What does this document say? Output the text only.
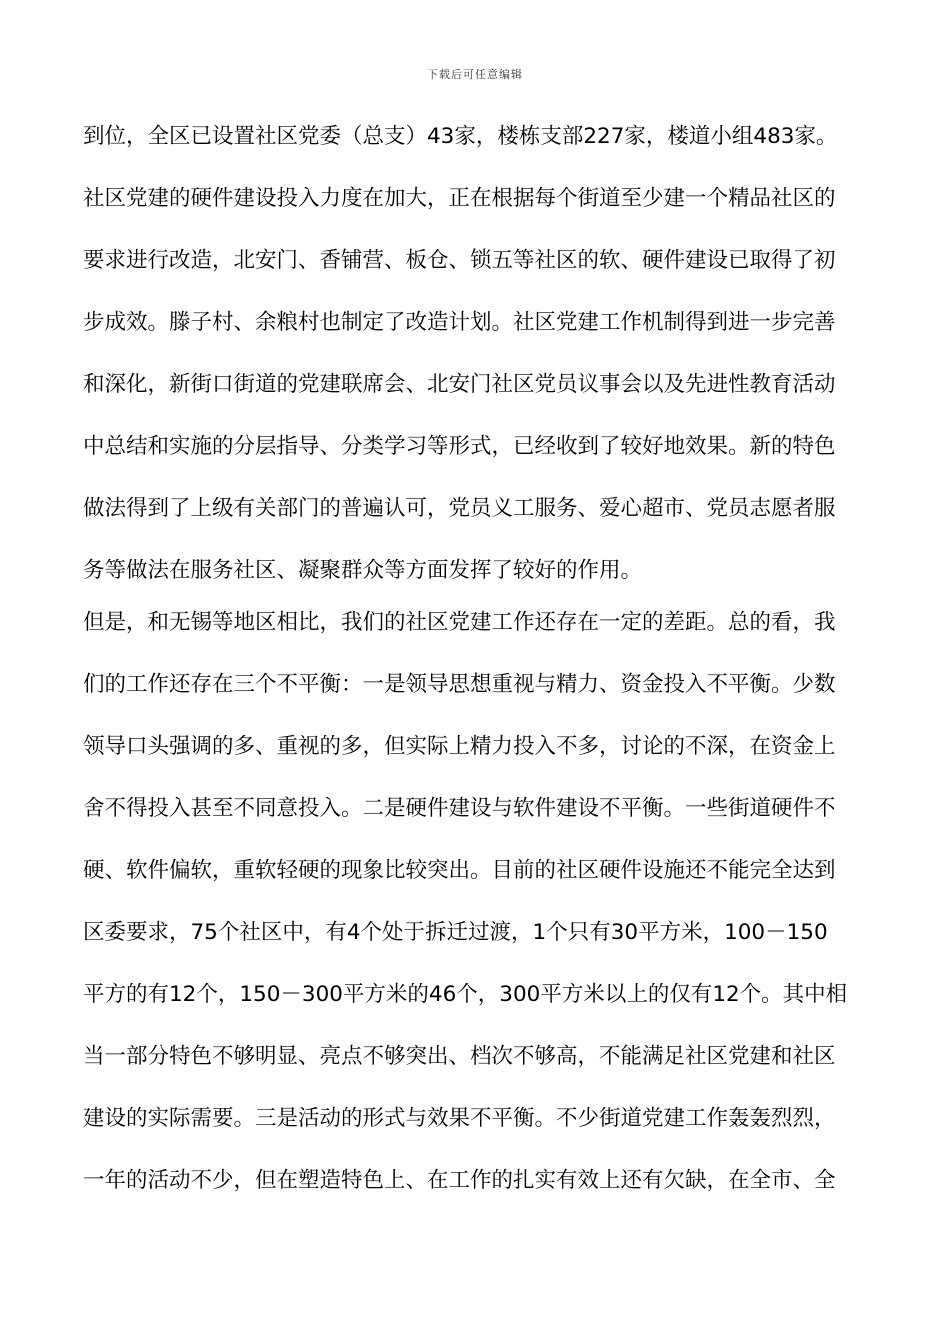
下载后可任意编辑
到位，全区已设置社区党委（总支）43家，楼栋支部227家，楼道小组483家。
社区党建的硬件建设投入力度在加大，正在根据每个街道至少建一个精品社区的
要求进行改造，北安门、香铺营、板仓、锁五等社区的软、硬件建设已取得了初
步成效。滕子村、余粮村也制定了改造计划。社区党建工作机制得到进一步完善
和深化，新街口街道的党建联席会、北安门社区党员议事会以及先进性教育活动
中总结和实施的分层指导、分类学习等形式，已经收到了较好地效果。新的特色
做法得到了上级有关部门的普遍认可，党员义工服务、爱心超市、党员志愿者服
务等做法在服务社区、凝聚群众等方面发挥了较好的作用。
但是，和无锡等地区相比，我们的社区党建工作还存在一定的差距。总的看，我
们的工作还存在三个不平衡：一是领导思想重视与精力、资金投入不平衡。少数
领导口头强调的多、重视的多，但实际上精力投入不多，讨论的不深，在资金上
舍不得投入甚至不同意投入。二是硬件建设与软件建设不平衡。一些街道硬件不
硬、软件偏软，重软轻硬的现象比较突出。目前的社区硬件设施还不能完全达到
区委要求，75个社区中，有4个处于拆迁过渡，1个只有30平方米，100－150
平方的有12个，150－300平方米的46个，300平方米以上的仅有12个。其中相
当一部分特色不够明显、亮点不够突出、档次不够高，不能满足社区党建和社区
建设的实际需要。三是活动的形式与效果不平衡。不少街道党建工作轰轰烈烈，
一年的活动不少，但在塑造特色上、在工作的扎实有效上还有欠缺，在全市、全
